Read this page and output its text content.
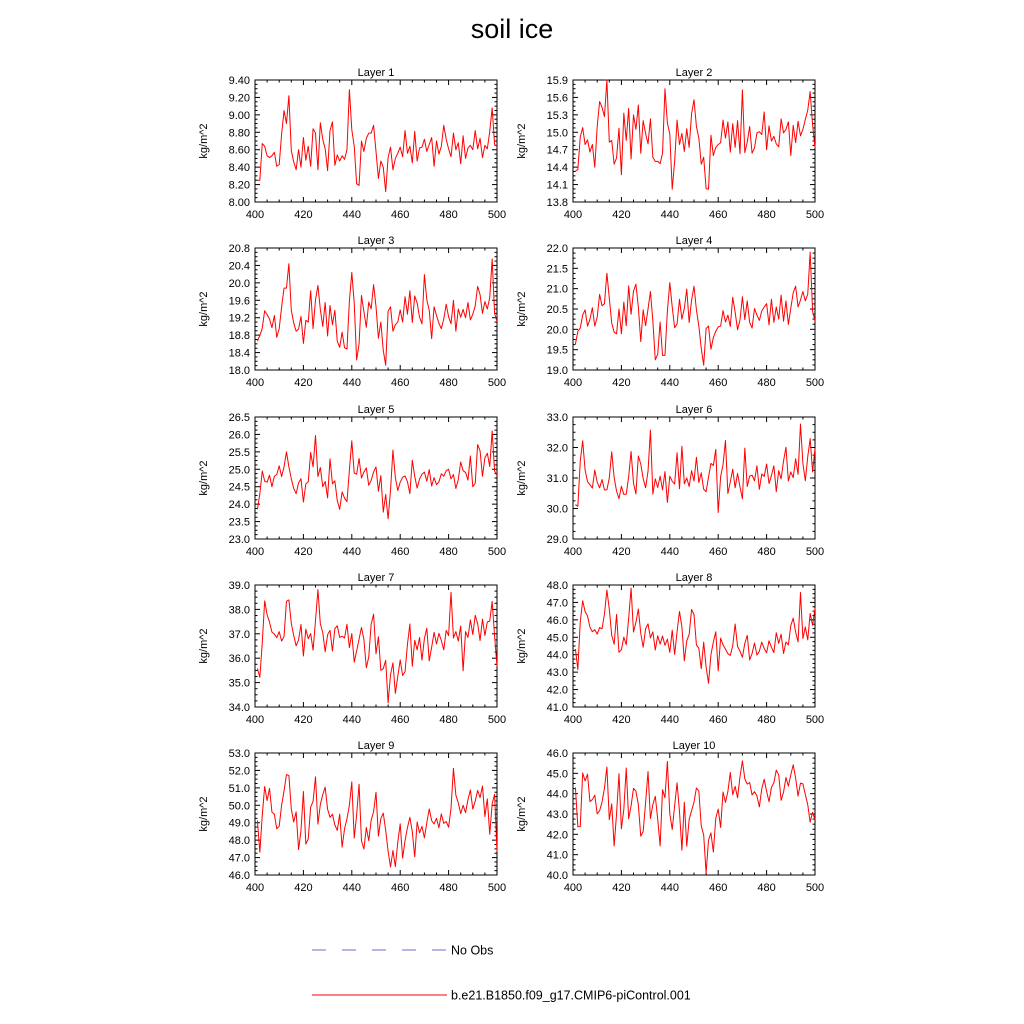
soil ice
Layer 1
400	420	440	460	480	500
8.00
8.20
8.40
8.60
8.80
9.00
9.20
9.40
kg/m^2
Layer 2
400	420	440	460	480	500
13.8
14.1
14.4
14.7
15.0
15.3
15.6
15.9
kg/m^2
Layer 3
400	420	440	460	480	500
18.0
18.4
18.8
19.2
19.6
20.0
20.4
20.8
kg/m^2
Layer 4
400	420	440	460	480	500
19.0
19.5
20.0
20.5
21.0
21.5
22.0
kg/m^2
Layer 5
400	420	440	460	480	500
23.0
23.5
24.0
24.5
25.0
25.5
26.0
26.5
kg/m^2
Layer 6
400	420	440	460	480	500
29.0
30.0
31.0
32.0
33.0
kg/m^2
Layer 7
400	420	440	460	480	500
34.0
35.0
36.0
37.0
38.0
39.0
kg/m^2
Layer 8
400	420	440	460	480	500
41.0
42.0
43.0
44.0
45.0
46.0
47.0
48.0
kg/m^2
Layer 9
400	420	440	460	480	500
46.0
47.0
48.0
49.0
50.0
51.0
52.0
53.0
kg/m^2
Layer 10
400	420	440	460	480	500
40.0
41.0
42.0
43.0
44.0
45.0
46.0
kg/m^2
No Obs
b.e21.B1850.f09_g17.CMIP6-piControl.001
